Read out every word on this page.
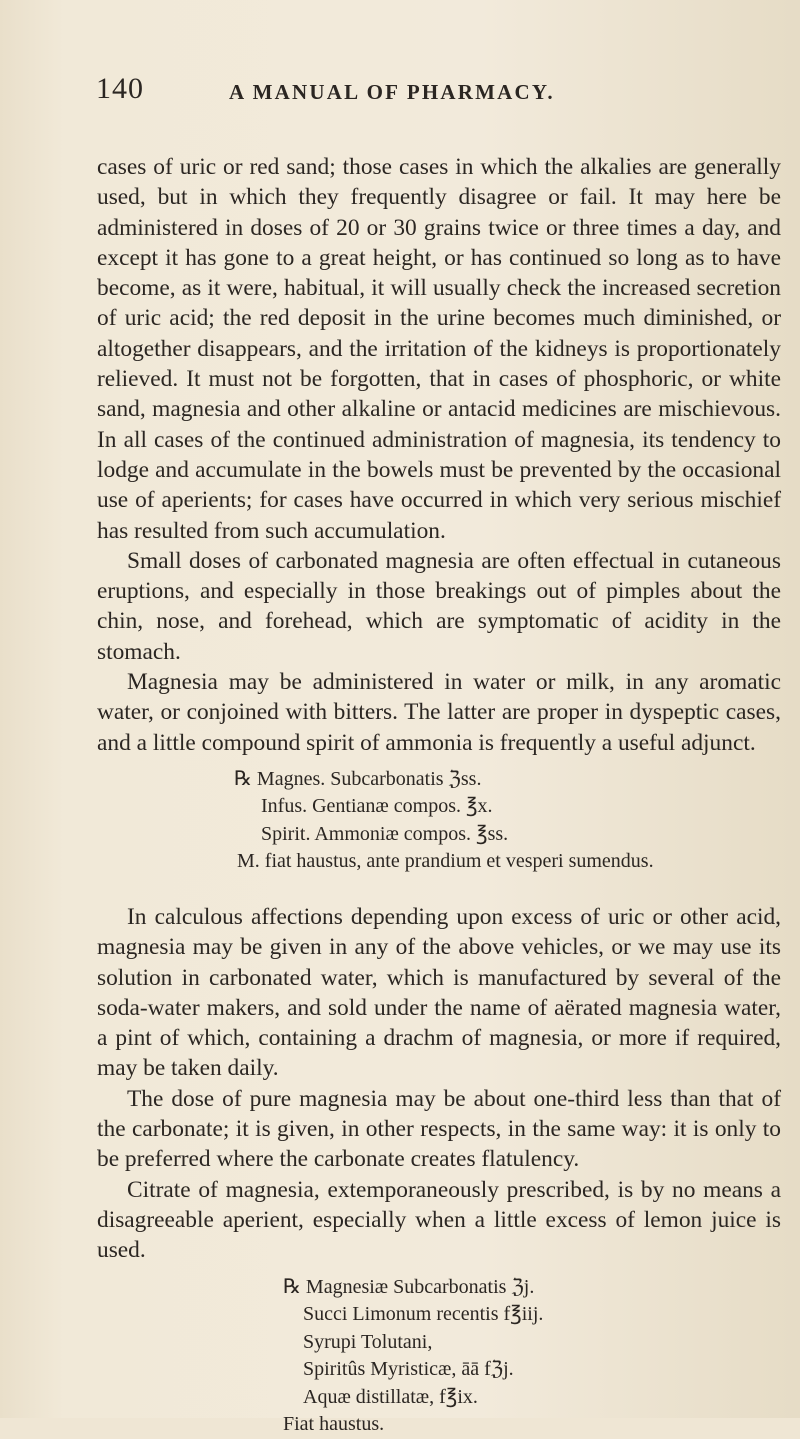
140	A MANUAL OF PHARMACY.

cases of uric or red sand; those cases in which the alkalies are generally used, but in which they frequently disagree or fail. It may here be administered in doses of 20 or 30 grains twice or three times a day, and except it has gone to a great height, or has continued so long as to have become, as it were, habitual, it will usually check the increased secretion of uric acid; the red deposit in the urine becomes much diminished, or altogether disappears, and the irritation of the kidneys is proportionately relieved. It must not be forgotten, that in cases of phosphoric, or white sand, magnesia and other alkaline or antacid medicines are mischievous. In all cases of the continued administration of magnesia, its tendency to lodge and accumulate in the bowels must be prevented by the occasional use of aperients; for cases have occurred in which very serious mischief has resulted from such accumulation.

Small doses of carbonated magnesia are often effectual in cutaneous eruptions, and especially in those breakings out of pimples about the chin, nose, and forehead, which are symptomatic of acidity in the stomach.

Magnesia may be administered in water or milk, in any aromatic water, or conjoined with bitters. The latter are proper in dyspeptic cases, and a little compound spirit of ammonia is frequently a useful adjunct.

℞ Magnes. Subcarbonatis ℨss.
Infus. Gentianæ compos. ℥x.
Spirit. Ammoniæ compos. ℥ss.
M. fiat haustus, ante prandium et vesperi sumendus.

In calculous affections depending upon excess of uric or other acid, magnesia may be given in any of the above vehicles, or we may use its solution in carbonated water, which is manufactured by several of the soda-water makers, and sold under the name of aërated magnesia water, a pint of which, containing a drachm of magnesia, or more if required, may be taken daily.

The dose of pure magnesia may be about one-third less than that of the carbonate; it is given, in other respects, in the same way: it is only to be preferred where the carbonate creates flatulency.

Citrate of magnesia, extemporaneously prescribed, is by no means a disagreeable aperient, especially when a little excess of lemon juice is used.

℞ Magnesiæ Subcarbonatis ℨj.
Succi Limonum recentis f℥iij.
Syrupi Tolutani,
Spiritûs Myristicæ, āā fℨj.
Aquæ distillatæ, f℥ix.
Fiat haustus.
